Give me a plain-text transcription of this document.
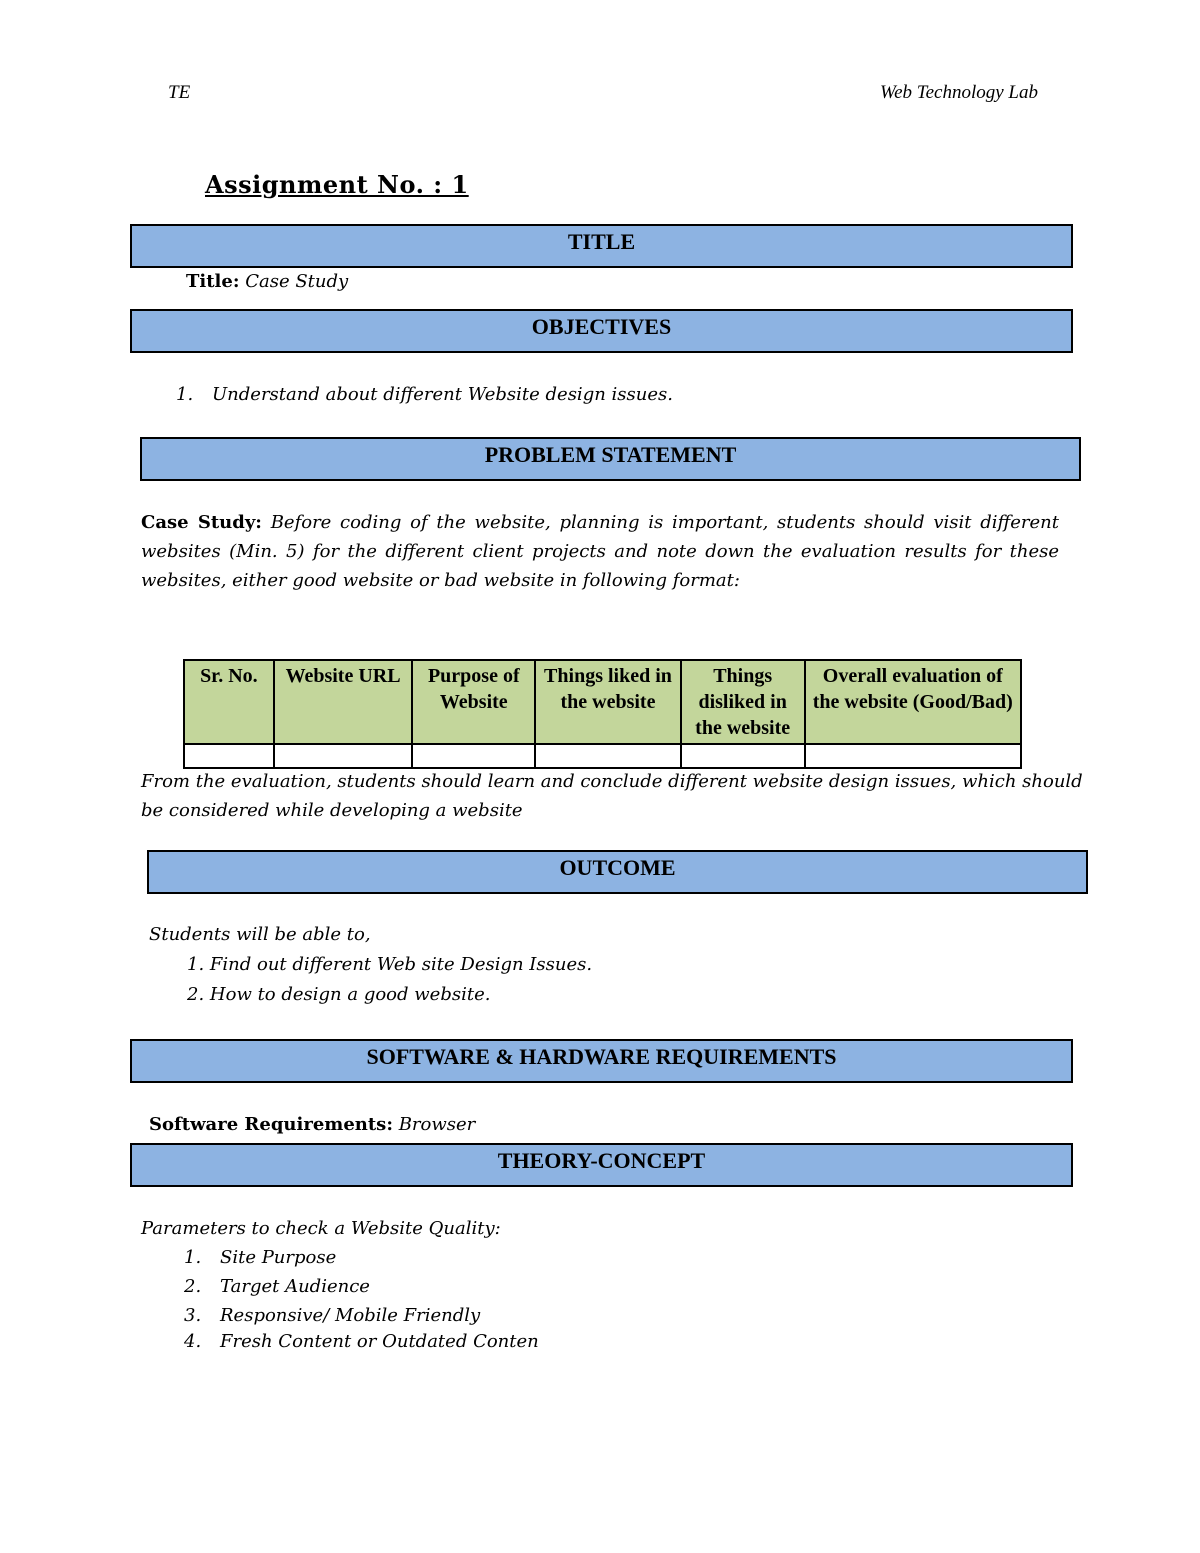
TE	Web Technology Lab
Assignment No. : 1
TITLE
Title: Case Study
OBJECTIVES
1. Understand about different Website design issues.
PROBLEM STATEMENT
Case Study: Before coding of the website, planning is important, students should visit different websites (Min. 5) for the different client projects and note down the evaluation results for these websites, either good website or bad website in following format:
Sr. No.	Website URL	Purpose of Website	Things liked in the website	Things disliked in the website	Overall evaluation of the website (Good/Bad)

From the evaluation, students should learn and conclude different website design issues, which should be considered while developing a website
OUTCOME
Students will be able to,
1. Find out different Web site Design Issues.
2. How to design a good website.
SOFTWARE & HARDWARE REQUIREMENTS
Software Requirements: Browser
THEORY-CONCEPT
Parameters to check a Website Quality:
1. Site Purpose
2. Target Audience
3. Responsive/ Mobile Friendly
4. Fresh Content or Outdated Conten
